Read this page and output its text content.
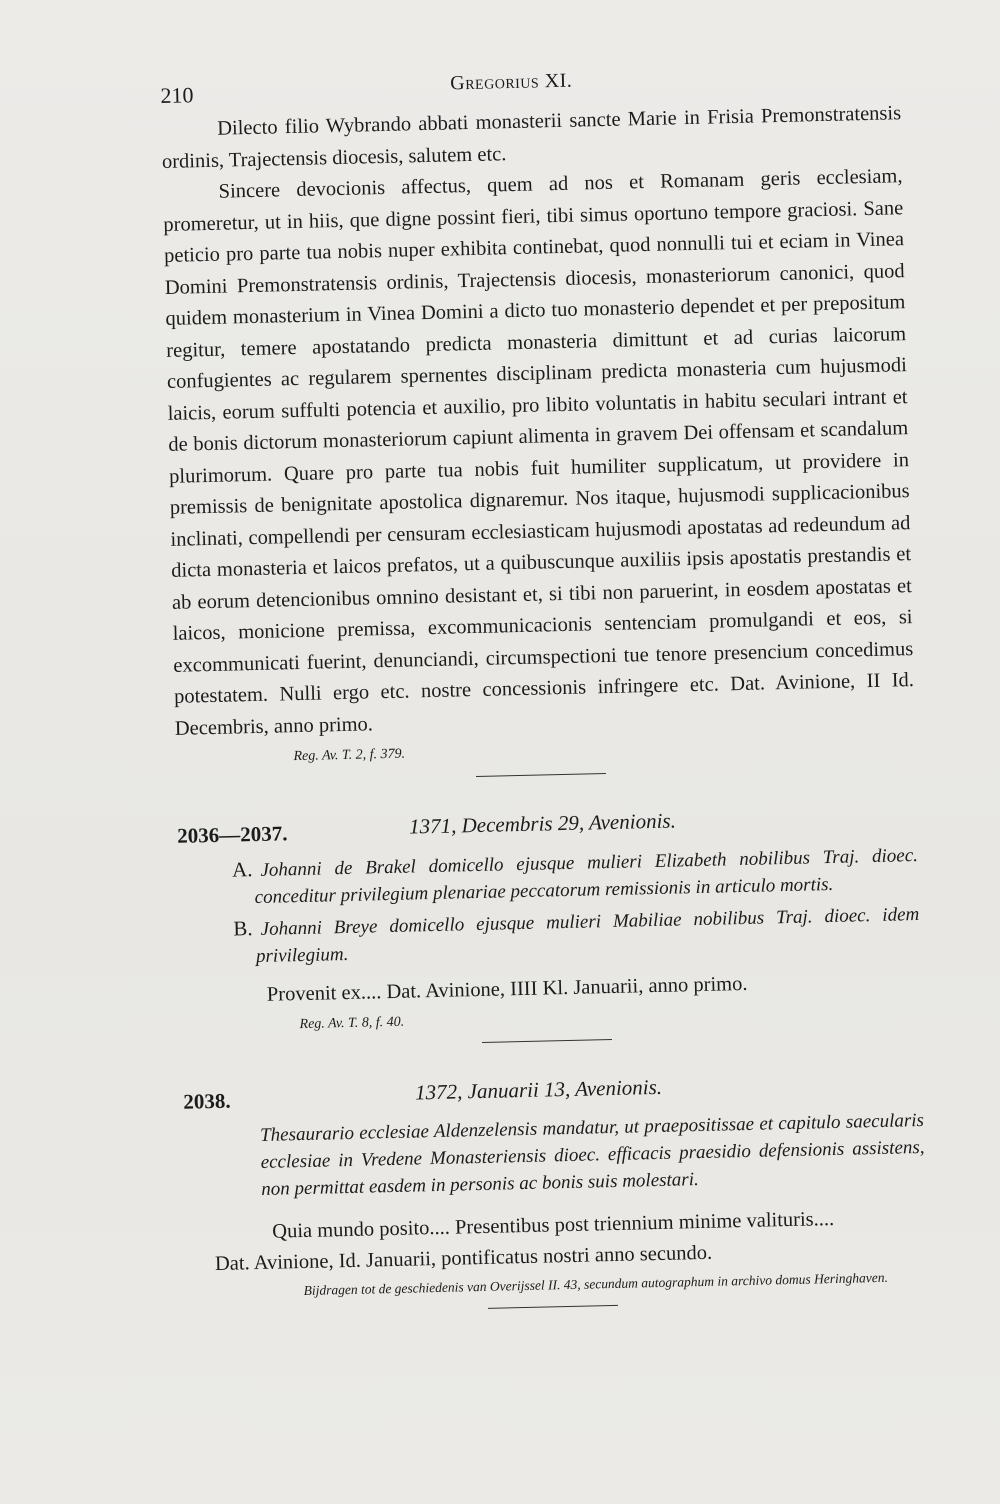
210
Gregorius XI.

Dilecto filio Wybrando abbati monasterii sancte Marie in Frisia Premonstratensis ordinis, Trajectensis diocesis, salutem etc.

Sincere devocionis affectus, quem ad nos et Romanam geris ecclesiam, promeretur, ut in hiis, que digne possint fieri, tibi simus oportuno tempore graciosi. Sane peticio pro parte tua nobis nuper exhibita continebat, quod nonnulli tui et eciam in Vinea Domini Premonstratensis ordinis, Trajectensis diocesis, monasteriorum canonici, quod quidem monasterium in Vinea Domini a dicto tuo monasterio dependet et per prepositum regitur, temere apostatando predicta monasteria dimittunt et ad curias laicorum confugientes ac regularem spernentes disciplinam predicta monasteria cum hujusmodi laicis, eorum suffulti potencia et auxilio, pro libito voluntatis in habitu seculari intrant et de bonis dictorum monasteriorum capiunt alimenta in gravem Dei offensam et scandalum plurimorum. Quare pro parte tua nobis fuit humiliter supplicatum, ut providere in premissis de benignitate apostolica dignaremur. Nos itaque, hujusmodi supplicacionibus inclinati, compellendi per censuram ecclesiasticam hujusmodi apostatas ad redeundum ad dicta monasteria et laicos prefatos, ut a quibuscunque auxiliis ipsis apostatis prestandis et ab eorum detencionibus omnino desistant et, si tibi non paruerint, in eosdem apostatas et laicos, monicione premissa, excommunicacionis sentenciam promulgandi et eos, si excommunicati fuerint, denunciandi, circumspectioni tue tenore presencium concedimus potestatem. Nulli ergo etc. nostre concessionis infringere etc. Dat. Avinione, II Id. Decembris, anno primo.

Reg. Av. T. 2, f. 379.
2036—2037.	1371, Decembris 29, Avenionis.

A. Johanni de Brakel domicello ejusque mulieri Elizabeth nobilibus Traj. dioec. conceditur privilegium plenariae peccatorum remissionis in articulo mortis.

B. Johanni Breye domicello ejusque mulieri Mabiliae nobilibus Traj. dioec. idem privilegium.

Provenit ex.... Dat. Avinione, IIII Kl. Januarii, anno primo.

Reg. Av. T. 8, f. 40.
2038.	1372, Januarii 13, Avenionis.

Thesaurario ecclesiae Aldenzelensis mandatur, ut praepositissae et capitulo saecularis ecclesiae in Vredene Monasteriensis dioec. efficacis praesidio defensionis assistens, non permittat easdem in personis ac bonis suis molestari.

Quia mundo posito.... Presentibus post triennium minime valituris....
Dat. Avinione, Id. Januarii, pontificatus nostri anno secundo.
Bijdragen tot de geschiedenis van Overijssel II. 43, secundum autographum in archivo domus Heringhaven.
